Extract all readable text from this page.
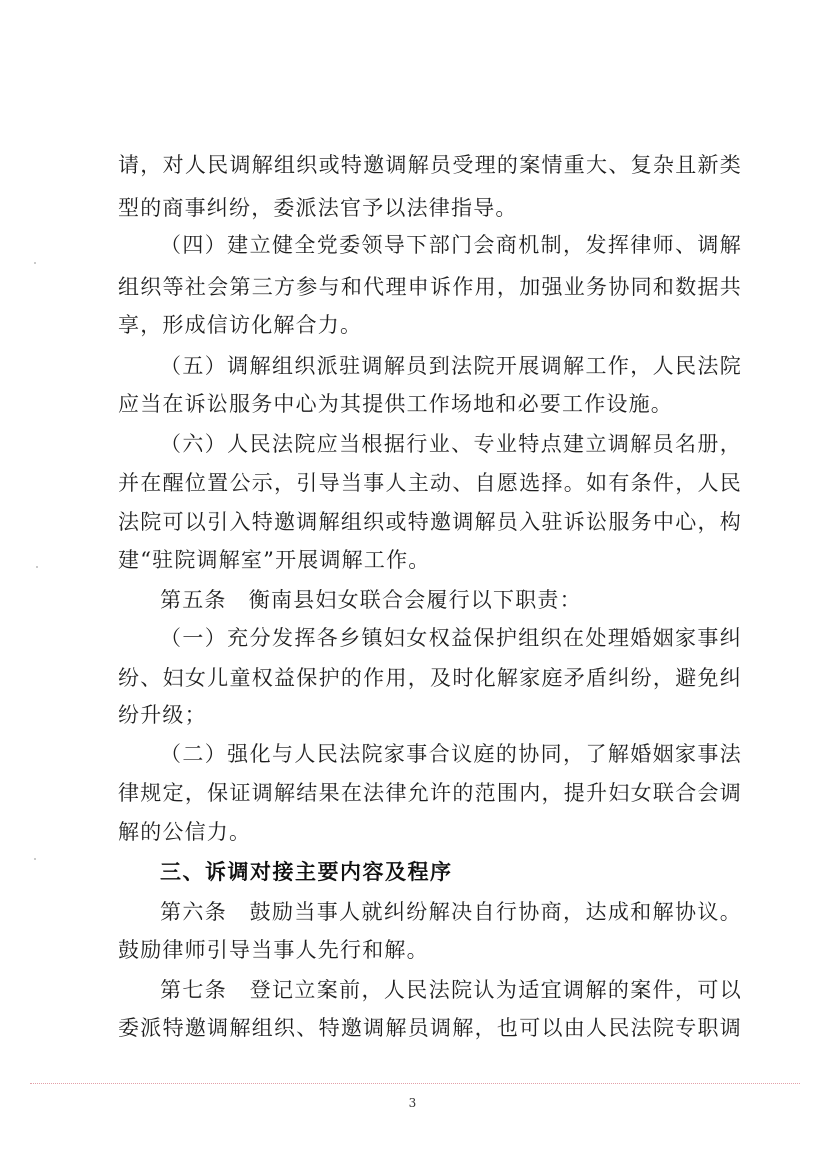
请，对人民调解组织或特邀调解员受理的案情重大、复杂且新类
型的商事纠纷，委派法官予以法律指导。
（四）建立健全党委领导下部门会商机制，发挥律师、调解
组织等社会第三方参与和代理申诉作用，加强业务协同和数据共
享，形成信访化解合力。
（五）调解组织派驻调解员到法院开展调解工作，人民法院
应当在诉讼服务中心为其提供工作场地和必要工作设施。
（六）人民法院应当根据行业、专业特点建立调解员名册，
并在醒位置公示，引导当事人主动、自愿选择。如有条件，人民
法院可以引入特邀调解组织或特邀调解员入驻诉讼服务中心，构
建“驻院调解室”开展调解工作。
第五条　衡南县妇女联合会履行以下职责：
（一）充分发挥各乡镇妇女权益保护组织在处理婚姻家事纠
纷、妇女儿童权益保护的作用，及时化解家庭矛盾纠纷，避免纠
纷升级；
（二）强化与人民法院家事合议庭的协同，了解婚姻家事法
律规定，保证调解结果在法律允许的范围内，提升妇女联合会调
解的公信力。
三、诉调对接主要内容及程序
第六条　鼓励当事人就纠纷解决自行协商，达成和解协议。
鼓励律师引导当事人先行和解。
第七条　登记立案前，人民法院认为适宜调解的案件，可以
委派特邀调解组织、特邀调解员调解，也可以由人民法院专职调
3
